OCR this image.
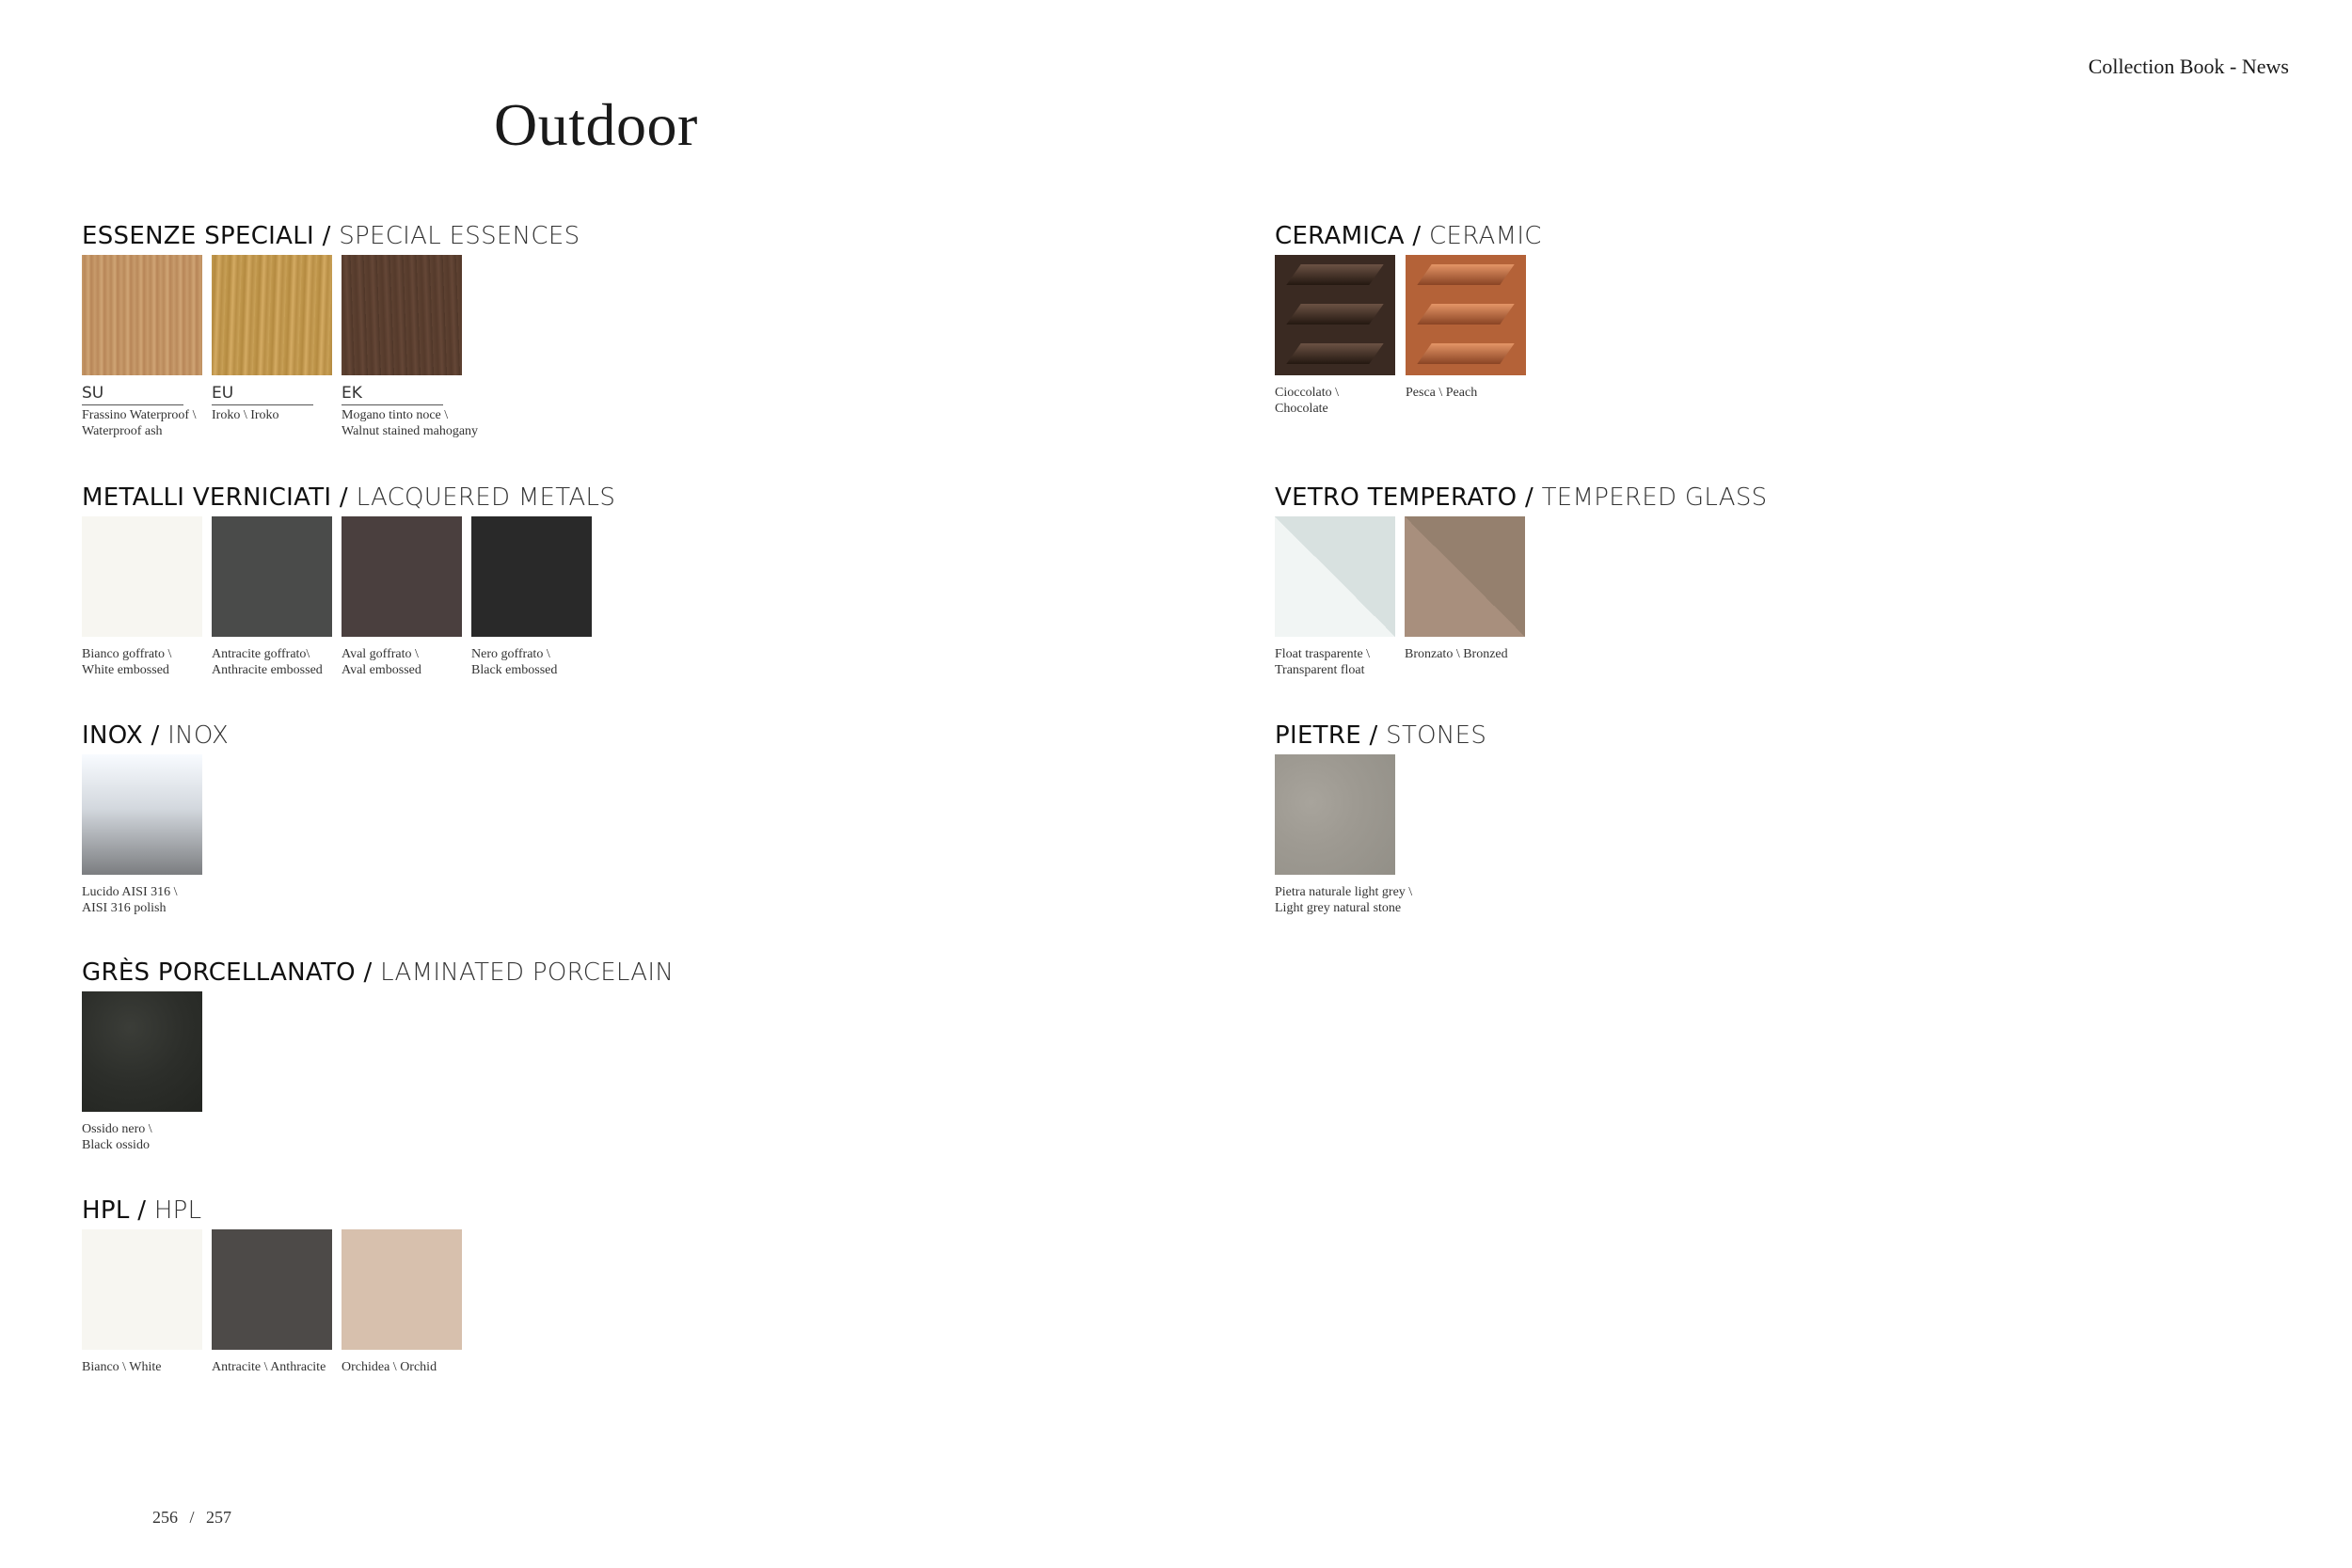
Collection Book - News
Outdoor
ESSENZE SPECIALI / SPECIAL ESSENCES
SU
Frassino Waterproof \
Waterproof ash
EU
Iroko \ Iroko
EK
Mogano tinto noce \
Walnut stained mahogany
CERAMICA / CERAMIC
Cioccolato \
Chocolate
Pesca \ Peach
METALLI VERNICIATI / LACQUERED METALS
Bianco goffrato \
White embossed
Antracite goffrato\
Anthracite embossed
Aval goffrato \
Aval embossed
Nero goffrato \
Black embossed
VETRO TEMPERATO / TEMPERED GLASS
Float trasparente \
Transparent float
Bronzato \ Bronzed
INOX / INOX
Lucido AISI 316 \
AISI 316 polish
PIETRE / STONES
Pietra naturale light grey \
Light grey natural stone
GRÈS PORCELLANATO / LAMINATED PORCELAIN
Ossido nero \
Black ossido
HPL / HPL
Bianco \ White	Antracite \ Anthracite	Orchidea \ Orchid
256 / 257
